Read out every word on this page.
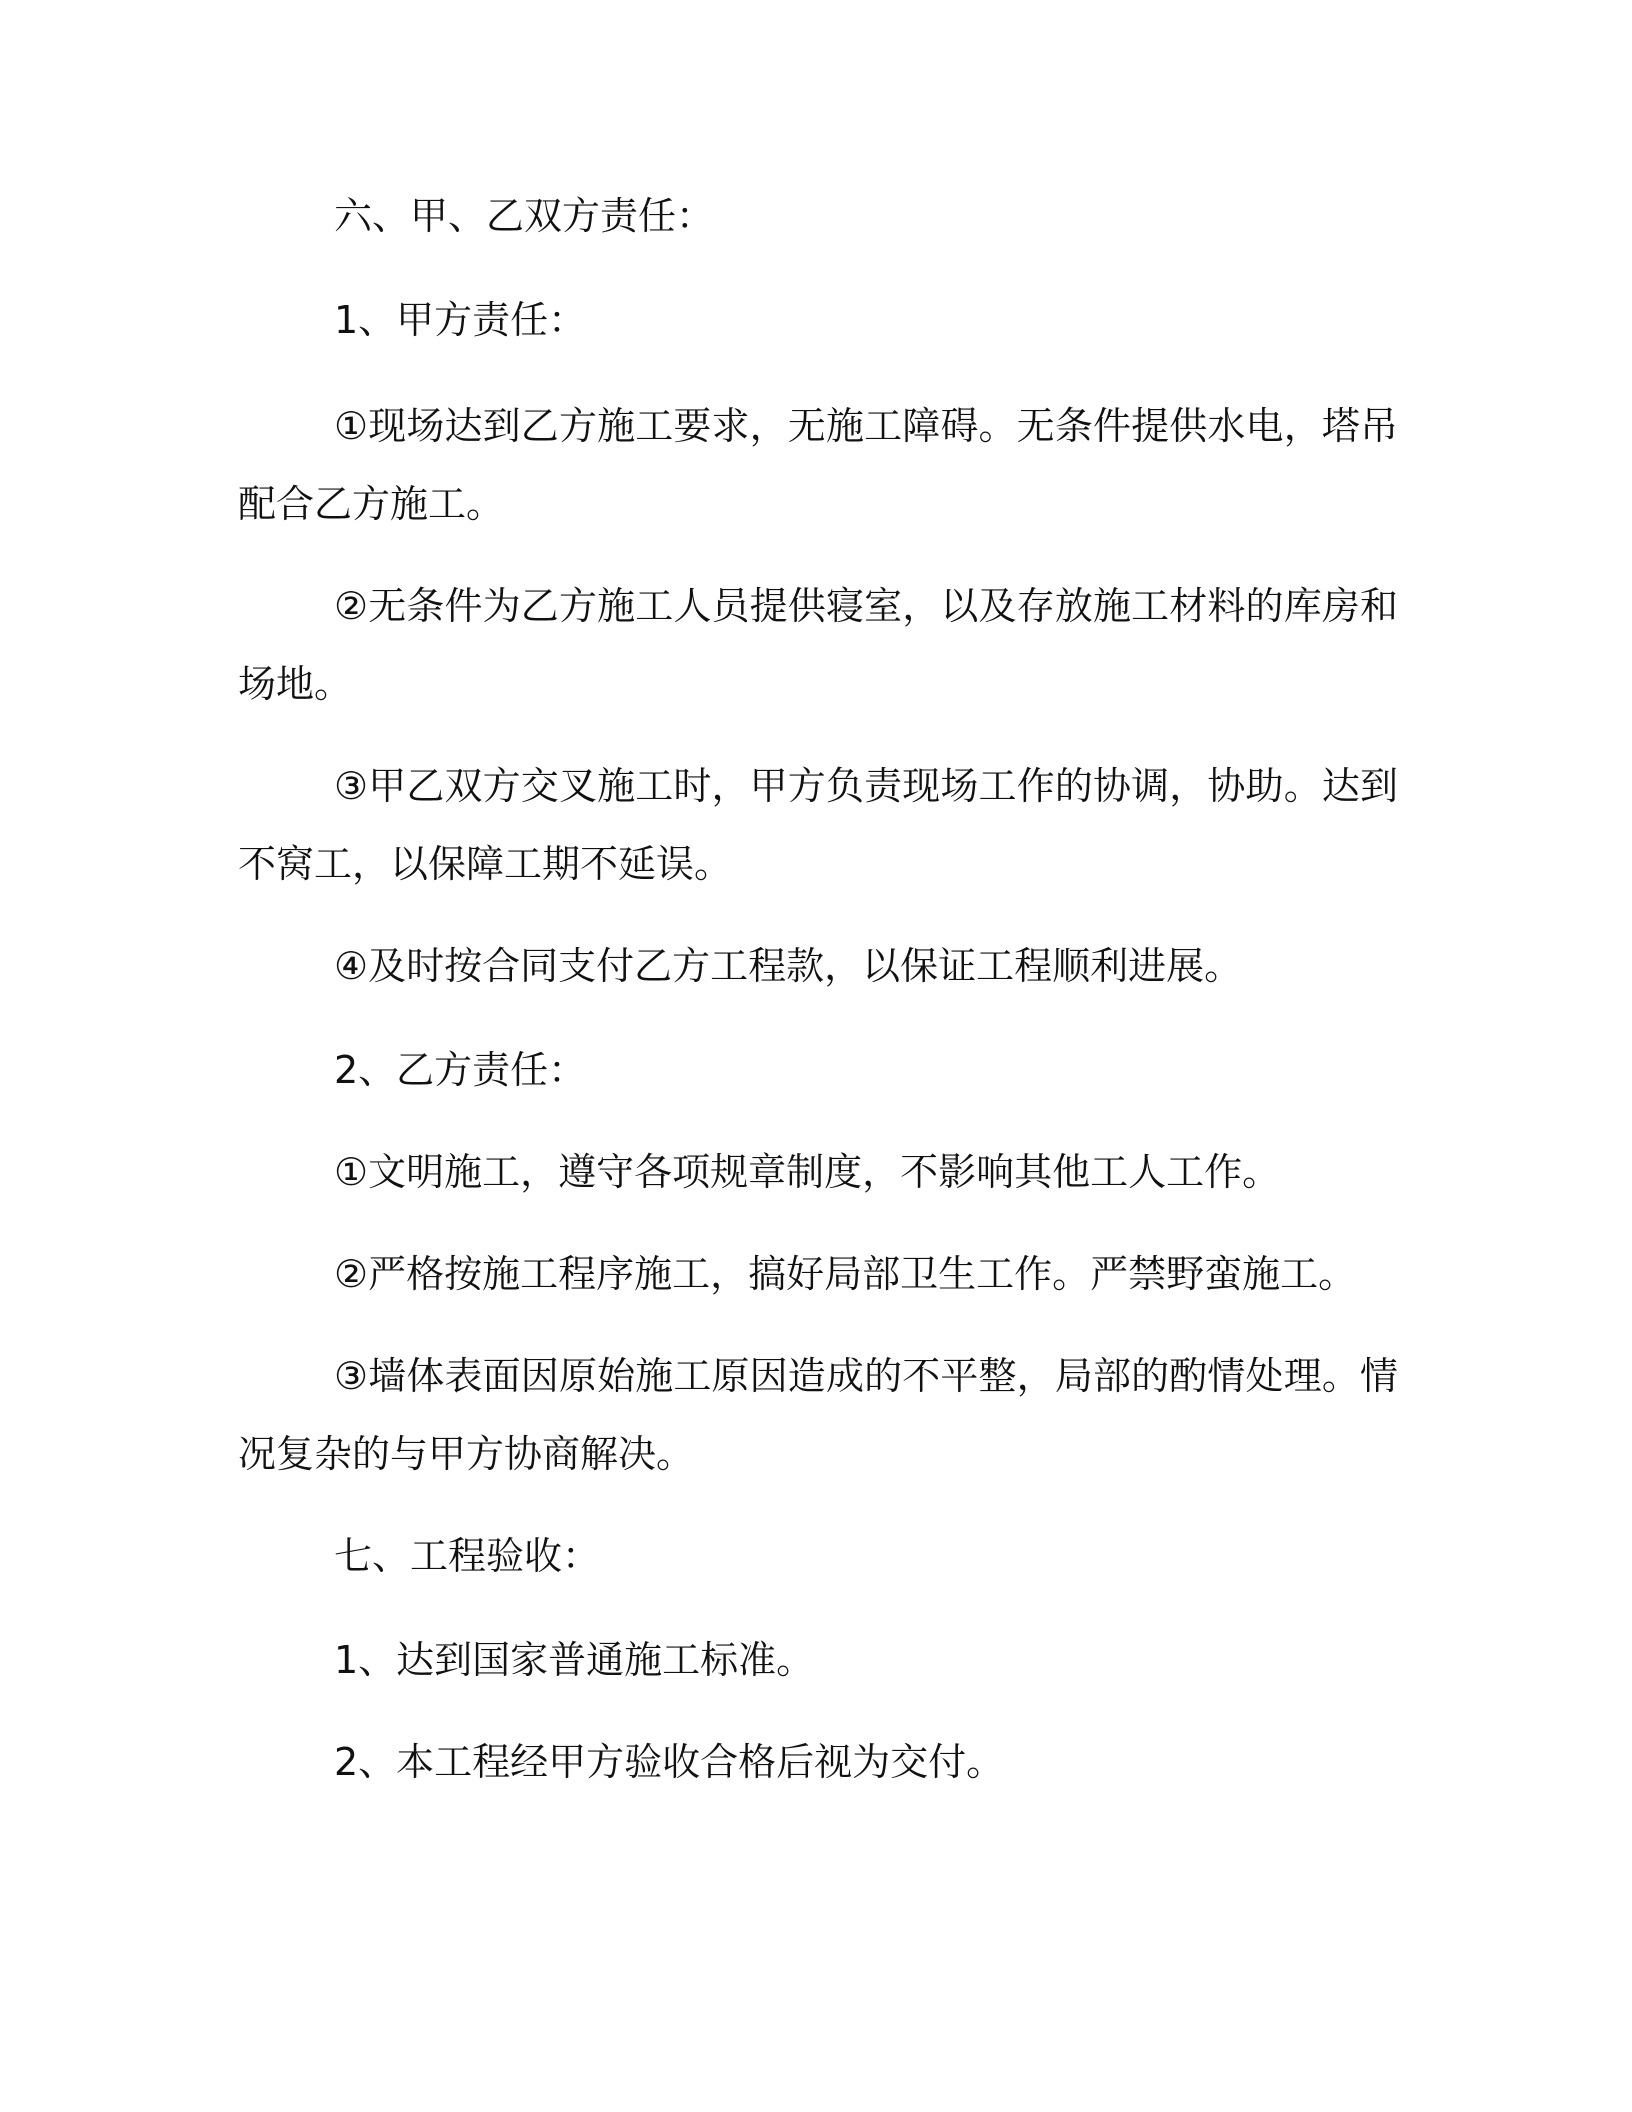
六、甲、乙双方责任：

1、甲方责任：

①现场达到乙方施工要求，无施工障碍。无条件提供水电，塔吊

配合乙方施工。

②无条件为乙方施工人员提供寝室，以及存放施工材料的库房和

场地。

③甲乙双方交叉施工时，甲方负责现场工作的协调，协助。达到

不窝工，以保障工期不延误。

④及时按合同支付乙方工程款，以保证工程顺利进展。

2、乙方责任：

①文明施工，遵守各项规章制度，不影响其他工人工作。

②严格按施工程序施工，搞好局部卫生工作。严禁野蛮施工。

③墙体表面因原始施工原因造成的不平整，局部的酌情处理。情

况复杂的与甲方协商解决。

七、工程验收：

1、达到国家普通施工标准。

2、本工程经甲方验收合格后视为交付。
